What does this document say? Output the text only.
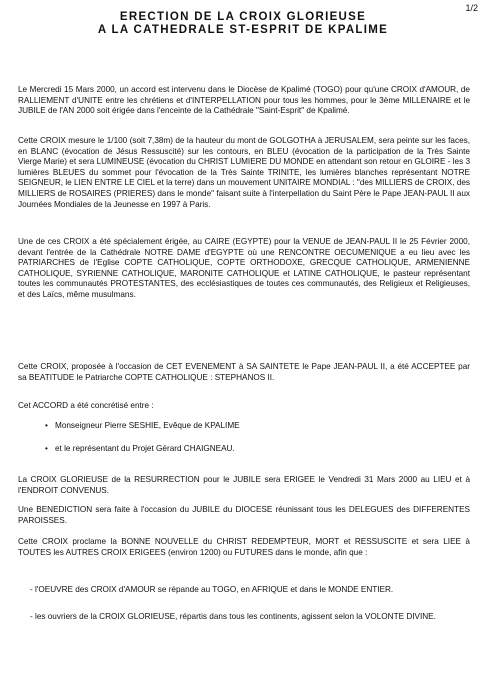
1/2
ERECTION DE LA CROIX GLORIEUSE
A LA CATHEDRALE ST-ESPRIT DE KPALIME

Le Mercredi 15 Mars 2000, un accord est intervenu dans le Diocèse de Kpalimé (TOGO) pour qu'une CROIX d'AMOUR, de RALLIEMENT d'UNITE entre les chrétiens et d'INTERPELLATION pour tous les hommes, pour le 3ème MILLENAIRE et le JUBILE de l'AN 2000 soit érigée dans l'enceinte de la Cathédrale "Saint-Esprit" de Kpalimé.

Cette CROIX mesure le 1/100 (soit 7,38m) de la hauteur du mont de GOLGOTHA à JERUSALEM, sera peinte sur les faces, en BLANC (évocation de Jésus Ressuscité) sur les contours, en BLEU (évocation de la participation de la Très Sainte Vierge Marie) et sera LUMINEUSE (évocation du CHRIST LUMIERE DU MONDE en attendant son retour en GLOIRE - les 3 lumières BLEUES du sommet pour l'évocation de la Très Sainte TRINITE, les lumières blanches représentant NOTRE SEIGNEUR, le LIEN ENTRE LE CIEL et la terre) dans un mouvement UNITAIRE MONDIAL : "des MILLIERS de CROIX, des MILLIERS de ROSAIRES (PRIERES) dans le monde" faisant suite à l'interpellation du Saint Père le Pape JEAN-PAUL II aux Journées Mondiales de la Jeunesse en 1997 à Paris.

Une de ces CROIX a été spécialement érigée, au CAIRE (EGYPTE) pour la VENUE de JEAN-PAUL II le 25 Février 2000, devant l'entrée de la Cathédrale NOTRE DAME d'EGYPTE où une RENCONTRE OECUMENIQUE a eu lieu avec les PATRIARCHES de l'Eglise COPTE CATHOLIQUE, COPTE ORTHODOXE, GRECQUE CATHOLIQUE, ARMENIENNE CATHOLIQUE, SYRIENNE CATHOLIQUE, MARONITE CATHOLIQUE et LATINE CATHOLIQUE, le pasteur représentant toutes les communautés PROTESTANTES, des ecclésiastiques de toutes ces communautés, des Religieux et Religieuses, et des Laïcs, même musulmans.

Cette CROIX, proposée à l'occasion de CET EVENEMENT à SA SAINTETE le Pape JEAN-PAUL II, a été ACCEPTEE par sa BEATITUDE le Patriarche COPTE CATHOLIQUE : STEPHANOS II.

Cet ACCORD a été concrétisé entre :

• Monseigneur Pierre SESHIE, Evêque de KPALIME

• et le représentant du Projet Gérard CHAIGNEAU.

La CROIX GLORIEUSE de la RESURRECTION pour le JUBILE sera ERIGEE le Vendredi 31 Mars 2000 au LIEU et à l'ENDROIT CONVENUS.

Une BENEDICTION sera faite à l'occasion du JUBILE du DIOCESE réunissant tous les DELEGUES des DIFFERENTES PAROISSES.

Cette CROIX proclame la BONNE NOUVELLE du CHRIST REDEMPTEUR, MORT et RESSUSCITE et sera LIEE à TOUTES les AUTRES CROIX ERIGEES (environ 1200) ou FUTURES dans le monde, afin que :

- l'OEUVRE des CROIX d'AMOUR se répande au TOGO, en AFRIQUE et dans le MONDE ENTIER.

- les ouvriers de la CROIX GLORIEUSE, répartis dans tous les continents, agissent selon la VOLONTE DIVINE.
